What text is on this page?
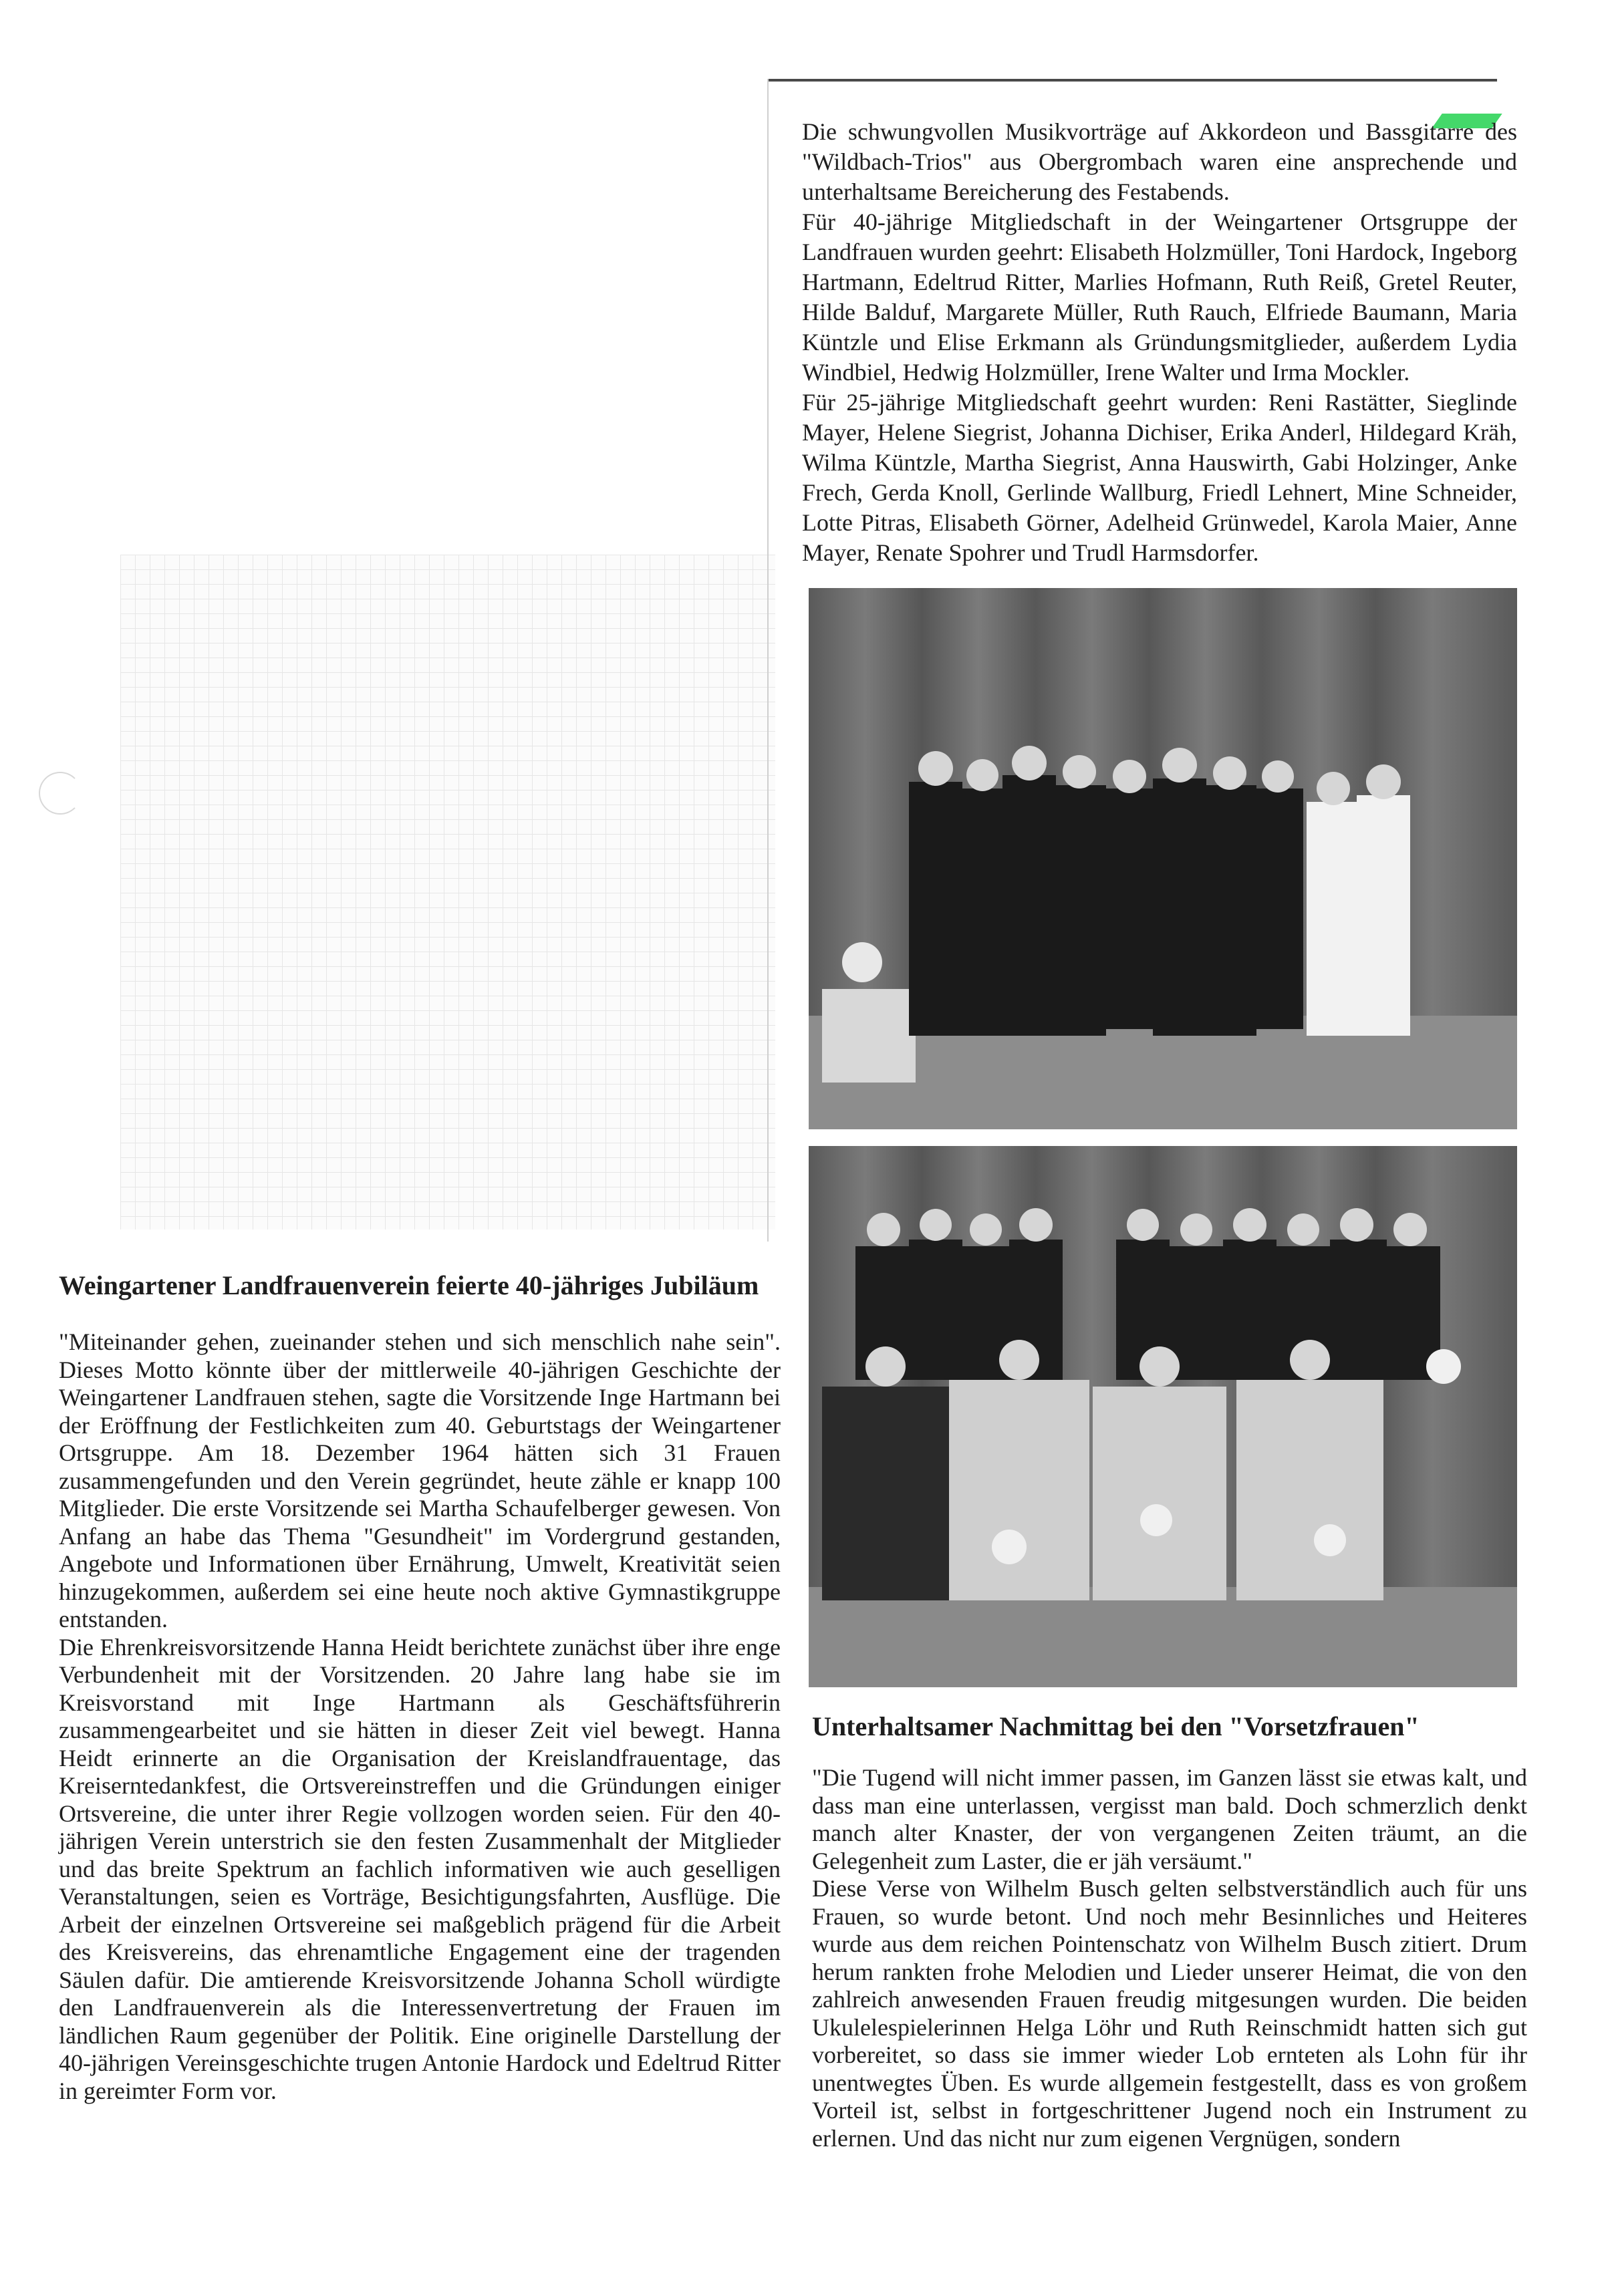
Die schwungvollen Musikvorträge auf Akkordeon und Bassgitarre des "Wildbach-Trios" aus Obergrombach waren eine ansprechende und unterhaltsame Bereicherung des Festabends.

Für 40-jährige Mitgliedschaft in der Weingartener Ortsgruppe der Landfrauen wurden geehrt: Elisabeth Holzmüller, Toni Hardock, Ingeborg Hartmann, Edeltrud Ritter, Marlies Hofmann, Ruth Reiß, Gretel Reuter, Hilde Balduf, Margarete Müller, Ruth Rauch, Elfriede Baumann, Maria Küntzle und Elise Erkmann als Gründungsmitglieder, außerdem Lydia Windbiel, Hedwig Holzmüller, Irene Walter und Irma Mockler.

Für 25-jährige Mitgliedschaft geehrt wurden: Reni Rastätter, Sieglinde Mayer, Helene Siegrist, Johanna Dichiser, Erika Anderl, Hildegard Kräh, Wilma Küntzle, Martha Siegrist, Anna Hauswirth, Gabi Holzinger, Anke Frech, Gerda Knoll, Gerlinde Wallburg, Friedl Lehnert, Mine Schneider, Lotte Pitras, Elisabeth Görner, Adelheid Grünwedel, Karola Maier, Anne Mayer, Renate Spohrer und Trudl Harmsdorfer.

Weingartener Landfrauenverein feierte 40-jähriges Jubiläum

"Miteinander gehen, zueinander stehen und sich menschlich nahe sein". Dieses Motto könnte über der mittlerweile 40-jährigen Geschichte der Weingartener Landfrauen stehen, sagte die Vorsitzende Inge Hartmann bei der Eröffnung der Festlichkeiten zum 40. Geburtstags der Weingartener Ortsgruppe. Am 18. Dezember 1964 hätten sich 31 Frauen zusammengefunden und den Verein gegründet, heute zähle er knapp 100 Mitglieder. Die erste Vorsitzende sei Martha Schaufelberger gewesen. Von Anfang an habe das Thema "Gesundheit" im Vordergrund gestanden, Angebote und Informationen über Ernährung, Umwelt, Kreativität seien hinzugekommen, außerdem sei eine heute noch aktive Gymnastikgruppe entstanden.

Die Ehrenkreisvorsitzende Hanna Heidt berichtete zunächst über ihre enge Verbundenheit mit der Vorsitzenden. 20 Jahre lang habe sie im Kreisvorstand mit Inge Hartmann als Geschäftsführerin zusammengearbeitet und sie hätten in dieser Zeit viel bewegt. Hanna Heidt erinnerte an die Organisation der Kreislandfrauentage, das Kreiserntedankfest, die Ortsvereinstreffen und die Gründungen einiger Ortsvereine, die unter ihrer Regie vollzogen worden seien. Für den 40-jährigen Verein unterstrich sie den festen Zusammenhalt der Mitglieder und das breite Spektrum an fachlich informativen wie auch geselligen Veranstaltungen, seien es Vorträge, Besichtigungsfahrten, Ausflüge. Die Arbeit der einzelnen Ortsvereine sei maßgeblich prägend für die Arbeit des Kreisvereins, das ehrenamtliche Engagement eine der tragenden Säulen dafür. Die amtierende Kreisvorsitzende Johanna Scholl würdigte den Landfrauenverein als die Interessenvertretung der Frauen im ländlichen Raum gegenüber der Politik. Eine originelle Darstellung der 40-jährigen Vereinsgeschichte trugen Antonie Hardock und Edeltrud Ritter in gereimter Form vor.

Unterhaltsamer Nachmittag bei den "Vorsetzfrauen"

"Die Tugend will nicht immer passen, im Ganzen lässt sie etwas kalt, und dass man eine unterlassen, vergisst man bald. Doch schmerzlich denkt manch alter Knaster, der von vergangenen Zeiten träumt, an die Gelegenheit zum Laster, die er jäh versäumt."

Diese Verse von Wilhelm Busch gelten selbstverständlich auch für uns Frauen, so wurde betont. Und noch mehr Besinnliches und Heiteres wurde aus dem reichen Pointenschatz von Wilhelm Busch zitiert. Drum herum rankten frohe Melodien und Lieder unserer Heimat, die von den zahlreich anwesenden Frauen freudig mitgesungen wurden. Die beiden Ukulelespielerinnen Helga Löhr und Ruth Reinschmidt hatten sich gut vorbereitet, so dass sie immer wieder Lob ernteten als Lohn für ihr unentwegtes Üben. Es wurde allgemein festgestellt, dass es von großem Vorteil ist, selbst in fortgeschrittener Jugend noch ein Instrument zu erlernen. Und das nicht nur zum eigenen Vergnügen, sondern
